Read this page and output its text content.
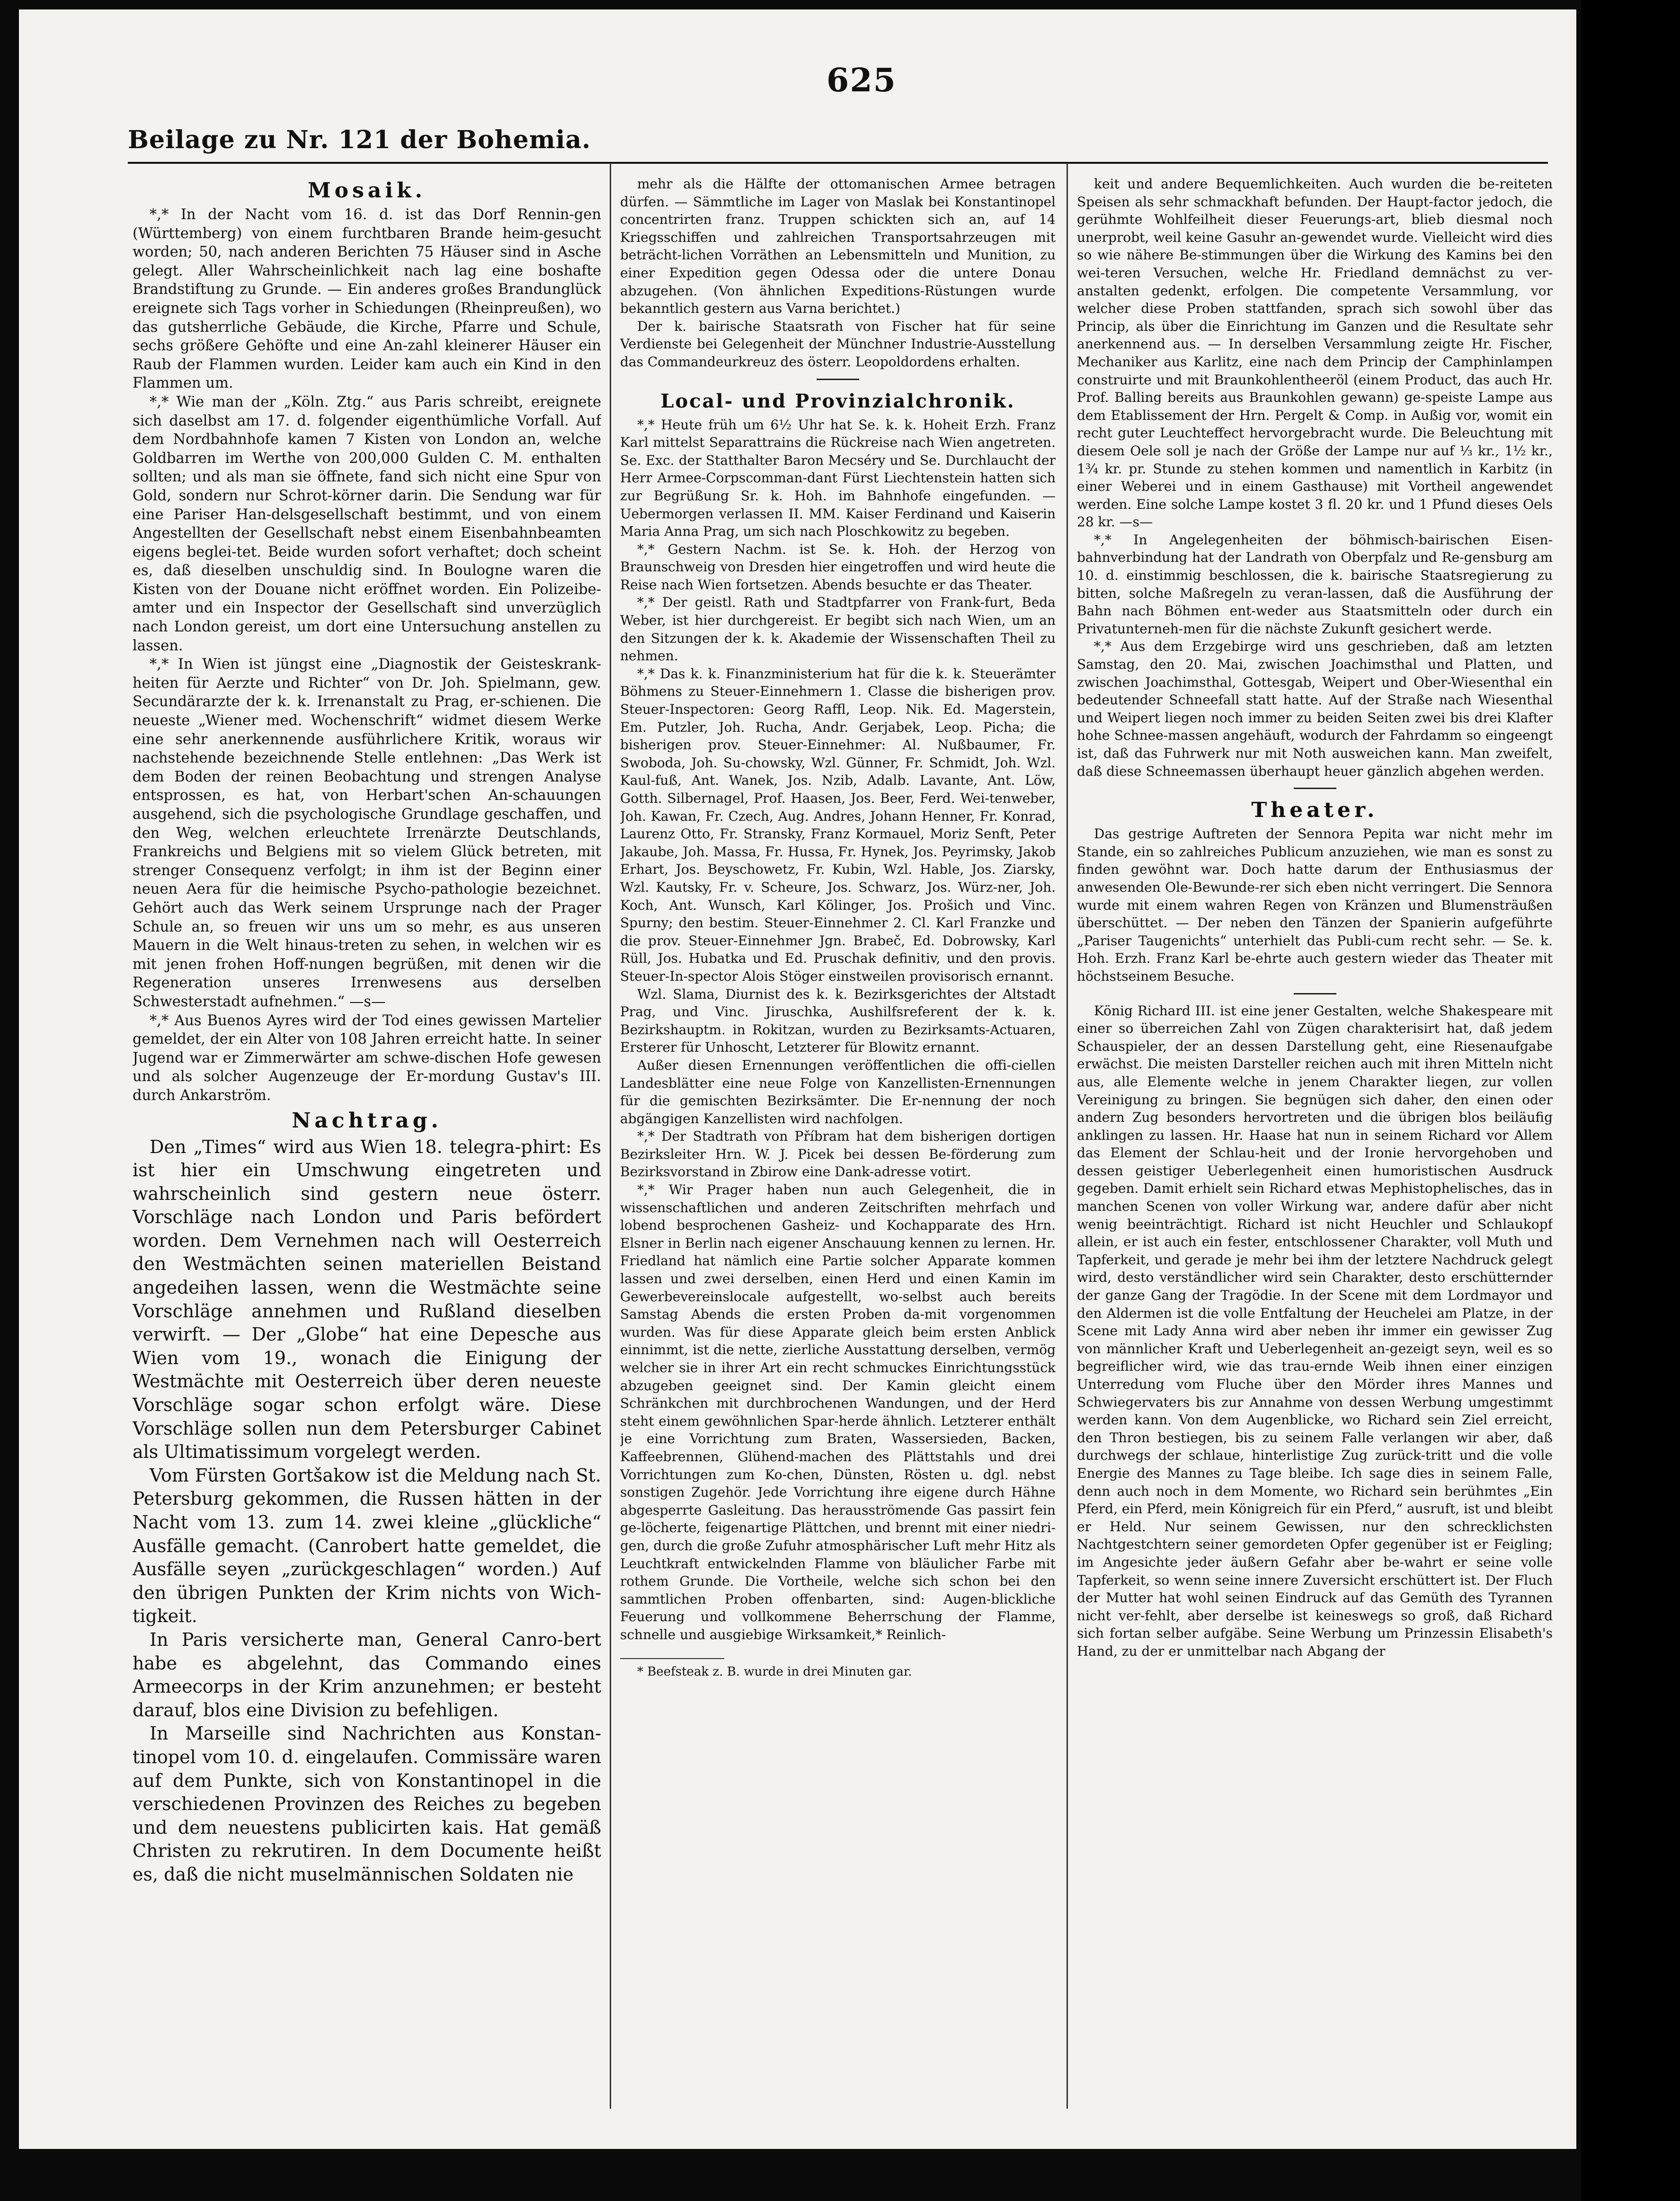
625
Beilage zu Nr. 121 der Bohemia.
Mosaik.

*,* In der Nacht vom 16. d. ist das Dorf Rennin-gen (Württemberg) von einem furchtbaren Brande heim-gesucht worden; 50, nach anderen Berichten 75 Häuser sind in Asche gelegt. Aller Wahrscheinlichkeit nach lag eine boshafte Brandstiftung zu Grunde. — Ein anderes großes Brandunglück ereignete sich Tags vorher in Schiedungen (Rheinpreußen), wo das gutsherrliche Gebäude, die Kirche, Pfarre und Schule, sechs größere Gehöfte und eine An-zahl kleinerer Häuser ein Raub der Flammen wurden. Leider kam auch ein Kind in den Flammen um.

*,* Wie man der „Köln. Ztg.“ aus Paris schreibt, ereignete sich daselbst am 17. d. folgender eigenthümliche Vorfall. Auf dem Nordbahnhofe kamen 7 Kisten von London an, welche Goldbarren im Werthe von 200,000 Gulden C. M. enthalten sollten; und als man sie öffnete, fand sich nicht eine Spur von Gold, sondern nur Schrot-körner darin. Die Sendung war für eine Pariser Han-delsgesellschaft bestimmt, und von einem Angestellten der Gesellschaft nebst einem Eisenbahnbeamten eigens beglei-tet. Beide wurden sofort verhaftet; doch scheint es, daß dieselben unschuldig sind. In Boulogne waren die Kisten von der Douane nicht eröffnet worden. Ein Polizeibe-amter und ein Inspector der Gesellschaft sind unverzüglich nach London gereist, um dort eine Untersuchung anstellen zu lassen.

*,* In Wien ist jüngst eine „Diagnostik der Geisteskrank-heiten für Aerzte und Richter“ von Dr. Joh. Spielmann, gew. Secundärarzte der k. k. Irrenanstalt zu Prag, er-schienen. Die neueste „Wiener med. Wochenschrift“ widmet diesem Werke eine sehr anerkennende ausführlichere Kritik, woraus wir nachstehende bezeichnende Stelle entlehnen: „Das Werk ist dem Boden der reinen Beobachtung und strengen Analyse entsprossen, es hat, von Herbart'schen An-schauungen ausgehend, sich die psychologische Grundlage geschaffen, und den Weg, welchen erleuchtete Irrenärzte Deutschlands, Frankreichs und Belgiens mit so vielem Glück betreten, mit strenger Consequenz verfolgt; in ihm ist der Beginn einer neuen Aera für die heimische Psycho-pathologie bezeichnet. Gehört auch das Werk seinem Ursprunge nach der Prager Schule an, so freuen wir uns um so mehr, es aus unseren Mauern in die Welt hinaus-treten zu sehen, in welchen wir es mit jenen frohen Hoff-nungen begrüßen, mit denen wir die Regeneration unseres Irrenwesens aus derselben Schwesterstadt aufnehmen.“ —s—

*,* Aus Buenos Ayres wird der Tod eines gewissen Martelier gemeldet, der ein Alter von 108 Jahren erreicht hatte. In seiner Jugend war er Zimmerwärter am schwe-dischen Hofe gewesen und als solcher Augenzeuge der Er-mordung Gustav's III. durch Ankarström.

Nachtrag.

Den „Times“ wird aus Wien 18. telegra-phirt: Es ist hier ein Umschwung eingetreten und wahrscheinlich sind gestern neue österr. Vorschläge nach London und Paris befördert worden. Dem Vernehmen nach will Oesterreich den Westmächten seinen materiellen Beistand angedeihen lassen, wenn die Westmächte seine Vorschläge annehmen und Rußland dieselben verwirft. — Der „Globe“ hat eine Depesche aus Wien vom 19., wonach die Einigung der Westmächte mit Oesterreich über deren neueste Vorschläge sogar schon erfolgt wäre. Diese Vorschläge sollen nun dem Petersburger Cabinet als Ultimatissimum vorgelegt werden.

Vom Fürsten Gortšakow ist die Meldung nach St. Petersburg gekommen, die Russen hätten in der Nacht vom 13. zum 14. zwei kleine „glückliche“ Ausfälle gemacht. (Canrobert hatte gemeldet, die Ausfälle seyen „zurückgeschlagen“ worden.) Auf den übrigen Punkten der Krim nichts von Wich-tigkeit.

In Paris versicherte man, General Canro-bert habe es abgelehnt, das Commando eines Armeecorps in der Krim anzunehmen; er besteht darauf, blos eine Division zu befehligen.

In Marseille sind Nachrichten aus Konstan-tinopel vom 10. d. eingelaufen. Commissäre waren auf dem Punkte, sich von Konstantinopel in die verschiedenen Provinzen des Reiches zu begeben und dem neuestens publicirten kais. Hat gemäß Christen zu rekrutiren. In dem Documente heißt es, daß die nicht muselmännischen Soldaten nie

mehr als die Hälfte der ottomanischen Armee betragen dürfen. — Sämmtliche im Lager von Maslak bei Konstantinopel concentrirten franz. Truppen schickten sich an, auf 14 Kriegsschiffen und zahlreichen Transportsahrzeugen mit beträcht-lichen Vorräthen an Lebensmitteln und Munition, zu einer Expedition gegen Odessa oder die untere Donau abzugehen. (Von ähnlichen Expeditions-Rüstungen wurde bekanntlich gestern aus Varna berichtet.)

Der k. bairische Staatsrath von Fischer hat für seine Verdienste bei Gelegenheit der Münchner Industrie-Ausstellung das Commandeurkreuz des österr. Leopoldordens erhalten.

Local- und Provinzialchronik.

*,* Heute früh um 6½ Uhr hat Se. k. k. Hoheit Erzh. Franz Karl mittelst Separattrains die Rückreise nach Wien angetreten. Se. Exc. der Statthalter Baron Mecséry und Se. Durchlaucht der Herr Armee-Corpscomman-dant Fürst Liechtenstein hatten sich zur Begrüßung Sr. k. Hoh. im Bahnhofe eingefunden. — Uebermorgen verlassen II. MM. Kaiser Ferdinand und Kaiserin Maria Anna Prag, um sich nach Ploschkowitz zu begeben.

*,* Gestern Nachm. ist Se. k. Hoh. der Herzog von Braunschweig von Dresden hier eingetroffen und wird heute die Reise nach Wien fortsetzen. Abends besuchte er das Theater.

*,* Der geistl. Rath und Stadtpfarrer von Frank-furt, Beda Weber, ist hier durchgereist. Er begibt sich nach Wien, um an den Sitzungen der k. k. Akademie der Wissenschaften Theil zu nehmen.

*,* Das k. k. Finanzministerium hat für die k. k. Steuerämter Böhmens zu Steuer-Einnehmern 1. Classe die bisherigen prov. Steuer-Inspectoren: Georg Raffl, Leop. Nik. Ed. Magerstein, Em. Putzler, Joh. Rucha, Andr. Gerjabek, Leop. Picha; die bisherigen prov. Steuer-Einnehmer: Al. Nußbaumer, Fr. Swoboda, Joh. Su-chowsky, Wzl. Günner, Fr. Schmidt, Joh. Wzl. Kaul-fuß, Ant. Wanek, Jos. Nzib, Adalb. Lavante, Ant. Löw, Gotth. Silbernagel, Prof. Haasen, Jos. Beer, Ferd. Wei-tenweber, Joh. Kawan, Fr. Czech, Aug. Andres, Johann Henner, Fr. Konrad, Laurenz Otto, Fr. Stransky, Franz Kormauel, Moriz Senft, Peter Jakaube, Joh. Massa, Fr. Hussa, Fr. Hynek, Jos. Peyrimsky, Jakob Erhart, Jos. Beyschowetz, Fr. Kubin, Wzl. Hable, Jos. Ziarsky, Wzl. Kautsky, Fr. v. Scheure, Jos. Schwarz, Jos. Würz-ner, Joh. Koch, Ant. Wunsch, Karl Kölinger, Jos. Prošich und Vinc. Spurny; den bestim. Steuer-Einnehmer 2. Cl. Karl Franzke und die prov. Steuer-Einnehmer Jgn. Brabeč, Ed. Dobrowsky, Karl Rüll, Jos. Hubatka und Ed. Pruschak definitiv, und den provis. Steuer-In-spector Alois Stöger einstweilen provisorisch ernannt.

Wzl. Slama, Diurnist des k. k. Bezirksgerichtes der Altstadt Prag, und Vinc. Jiruschka, Aushilfsreferent der k. k. Bezirkshauptm. in Rokitzan, wurden zu Bezirksamts-Actuaren, Ersterer für Unhoscht, Letzterer für Blowitz ernannt.

Außer diesen Ernennungen veröffentlichen die offi-ciellen Landesblätter eine neue Folge von Kanzellisten-Ernennungen für die gemischten Bezirksämter. Die Er-nennung der noch abgängigen Kanzellisten wird nachfolgen.

*,* Der Stadtrath von Příbram hat dem bisherigen dortigen Bezirksleiter Hrn. W. J. Picek bei dessen Be-förderung zum Bezirksvorstand in Zbirow eine Dank-adresse votirt.

*,* Wir Prager haben nun auch Gelegenheit, die in wissenschaftlichen und anderen Zeitschriften mehrfach und lobend besprochenen Gasheiz- und Kochapparate des Hrn. Elsner in Berlin nach eigener Anschauung kennen zu lernen. Hr. Friedland hat nämlich eine Partie solcher Apparate kommen lassen und zwei derselben, einen Herd und einen Kamin im Gewerbevereinslocale aufgestellt, wo-selbst auch bereits Samstag Abends die ersten Proben da-mit vorgenommen wurden. Was für diese Apparate gleich beim ersten Anblick einnimmt, ist die nette, zierliche Ausstattung derselben, vermög welcher sie in ihrer Art ein recht schmuckes Einrichtungsstück abzugeben geeignet sind. Der Kamin gleicht einem Schränkchen mit durchbrochenen Wandungen, und der Herd steht einem gewöhnlichen Spar-herde ähnlich. Letzterer enthält je eine Vorrichtung zum Braten, Wassersieden, Backen, Kaffeebrennen, Glühend-machen des Plättstahls und drei Vorrichtungen zum Ko-chen, Dünsten, Rösten u. dgl. nebst sonstigen Zugehör. Jede Vorrichtung ihre eigene durch Hähne abgesperrte Gasleitung. Das herausströmende Gas passirt fein ge-löcherte, feigenartige Plättchen, und brennt mit einer niedri-gen, durch die große Zufuhr atmosphärischer Luft mehr Hitz als Leuchtkraft entwickelnden Flamme von bläulicher Farbe mit rothem Grunde. Die Vortheile, welche sich schon bei den sammtlichen Proben offenbarten, sind: Augen-blickliche Feuerung und vollkommene Beherrschung der Flamme, schnelle und ausgiebige Wirksamkeit,* Reinlich-

* Beefsteak z. B. wurde in drei Minuten gar.

keit und andere Bequemlichkeiten. Auch wurden die be-reiteten Speisen als sehr schmackhaft befunden. Der Haupt-factor jedoch, die gerühmte Wohlfeilheit dieser Feuerungs-art, blieb diesmal noch unerprobt, weil keine Gasuhr an-gewendet wurde. Vielleicht wird dies so wie nähere Be-stimmungen über die Wirkung des Kamins bei den wei-teren Versuchen, welche Hr. Friedland demnächst zu ver-anstalten gedenkt, erfolgen. Die competente Versammlung, vor welcher diese Proben stattfanden, sprach sich sowohl über das Princip, als über die Einrichtung im Ganzen und die Resultate sehr anerkennend aus. — In derselben Versammlung zeigte Hr. Fischer, Mechaniker aus Karlitz, eine nach dem Princip der Camphinlampen construirte und mit Braunkohlentheeröl (einem Product, das auch Hr. Prof. Balling bereits aus Braunkohlen gewann) ge-speiste Lampe aus dem Etablissement der Hrn. Pergelt & Comp. in Außig vor, womit ein recht guter Leuchteffect hervorgebracht wurde. Die Beleuchtung mit diesem Oele soll je nach der Größe der Lampe nur auf ⅓ kr., 1½ kr., 1¾ kr. pr. Stunde zu stehen kommen und namentlich in Karbitz (in einer Weberei und in einem Gasthause) mit Vortheil angewendet werden. Eine solche Lampe kostet 3 fl. 20 kr. und 1 Pfund dieses Oels 28 kr. —s—

*,* In Angelegenheiten der böhmisch-bairischen Eisen-bahnverbindung hat der Landrath von Oberpfalz und Re-gensburg am 10. d. einstimmig beschlossen, die k. bairische Staatsregierung zu bitten, solche Maßregeln zu veran-lassen, daß die Ausführung der Bahn nach Böhmen ent-weder aus Staatsmitteln oder durch ein Privatunterneh-men für die nächste Zukunft gesichert werde.

*,* Aus dem Erzgebirge wird uns geschrieben, daß am letzten Samstag, den 20. Mai, zwischen Joachimsthal und Platten, und zwischen Joachimsthal, Gottesgab, Weipert und Ober-Wiesenthal ein bedeutender Schneefall statt hatte. Auf der Straße nach Wiesenthal und Weipert liegen noch immer zu beiden Seiten zwei bis drei Klafter hohe Schnee-massen angehäuft, wodurch der Fahrdamm so eingeengt ist, daß das Fuhrwerk nur mit Noth ausweichen kann. Man zweifelt, daß diese Schneemassen überhaupt heuer gänzlich abgehen werden.

Theater.

Das gestrige Auftreten der Sennora Pepita war nicht mehr im Stande, ein so zahlreiches Publicum anzuziehen, wie man es sonst zu finden gewöhnt war. Doch hatte darum der Enthusiasmus der anwesenden Ole-Bewunde-rer sich eben nicht verringert. Die Sennora wurde mit einem wahren Regen von Kränzen und Blumensträußen überschüttet. — Der neben den Tänzen der Spanierin aufgeführte „Pariser Taugenichts“ unterhielt das Publi-cum recht sehr. — Se. k. Hoh. Erzh. Franz Karl be-ehrte auch gestern wieder das Theater mit höchstseinem Besuche.

König Richard III. ist eine jener Gestalten, welche Shakespeare mit einer so überreichen Zahl von Zügen charakterisirt hat, daß jedem Schauspieler, der an dessen Darstellung geht, eine Riesenaufgabe erwächst. Die meisten Darsteller reichen auch mit ihren Mitteln nicht aus, alle Elemente welche in jenem Charakter liegen, zur vollen Vereinigung zu bringen. Sie begnügen sich daher, den einen oder andern Zug besonders hervortreten und die übrigen blos beiläufig anklingen zu lassen. Hr. Haase hat nun in seinem Richard vor Allem das Element der Schlau-heit und der Ironie hervorgehoben und dessen geistiger Ueberlegenheit einen humoristischen Ausdruck gegeben. Damit erhielt sein Richard etwas Mephistophelisches, das in manchen Scenen von voller Wirkung war, andere dafür aber nicht wenig beeinträchtigt. Richard ist nicht Heuchler und Schlaukopf allein, er ist auch ein fester, entschlossener Charakter, voll Muth und Tapferkeit, und gerade je mehr bei ihm der letztere Nachdruck gelegt wird, desto verständlicher wird sein Charakter, desto erschütternder der ganze Gang der Tragödie. In der Scene mit dem Lordmayor und den Aldermen ist die volle Entfaltung der Heuchelei am Platze, in der Scene mit Lady Anna wird aber neben ihr immer ein gewisser Zug von männlicher Kraft und Ueberlegenheit an-gezeigt seyn, weil es so begreiflicher wird, wie das trau-ernde Weib ihnen einer einzigen Unterredung vom Fluche über den Mörder ihres Mannes und Schwiegervaters bis zur Annahme von dessen Werbung umgestimmt werden kann. Von dem Augenblicke, wo Richard sein Ziel erreicht, den Thron bestiegen, bis zu seinem Falle verlangen wir aber, daß durchwegs der schlaue, hinterlistige Zug zurück-tritt und die volle Energie des Mannes zu Tage bleibe. Ich sage dies in seinem Falle, denn auch noch in dem Momente, wo Richard sein berühmtes „Ein Pferd, ein Pferd, mein Königreich für ein Pferd,“ ausruft, ist und bleibt er Held. Nur seinem Gewissen, nur den schrecklichsten Nachtgestchtern seiner gemordeten Opfer gegenüber ist er Feigling; im Angesichte jeder äußern Gefahr aber be-wahrt er seine volle Tapferkeit, so wenn seine innere Zuversicht erschüttert ist. Der Fluch der Mutter hat wohl seinen Eindruck auf das Gemüth des Tyrannen nicht ver-fehlt, aber derselbe ist keineswegs so groß, daß Richard sich fortan selber aufgäbe. Seine Werbung um Prinzessin Elisabeth's Hand, zu der er unmittelbar nach Abgang der
